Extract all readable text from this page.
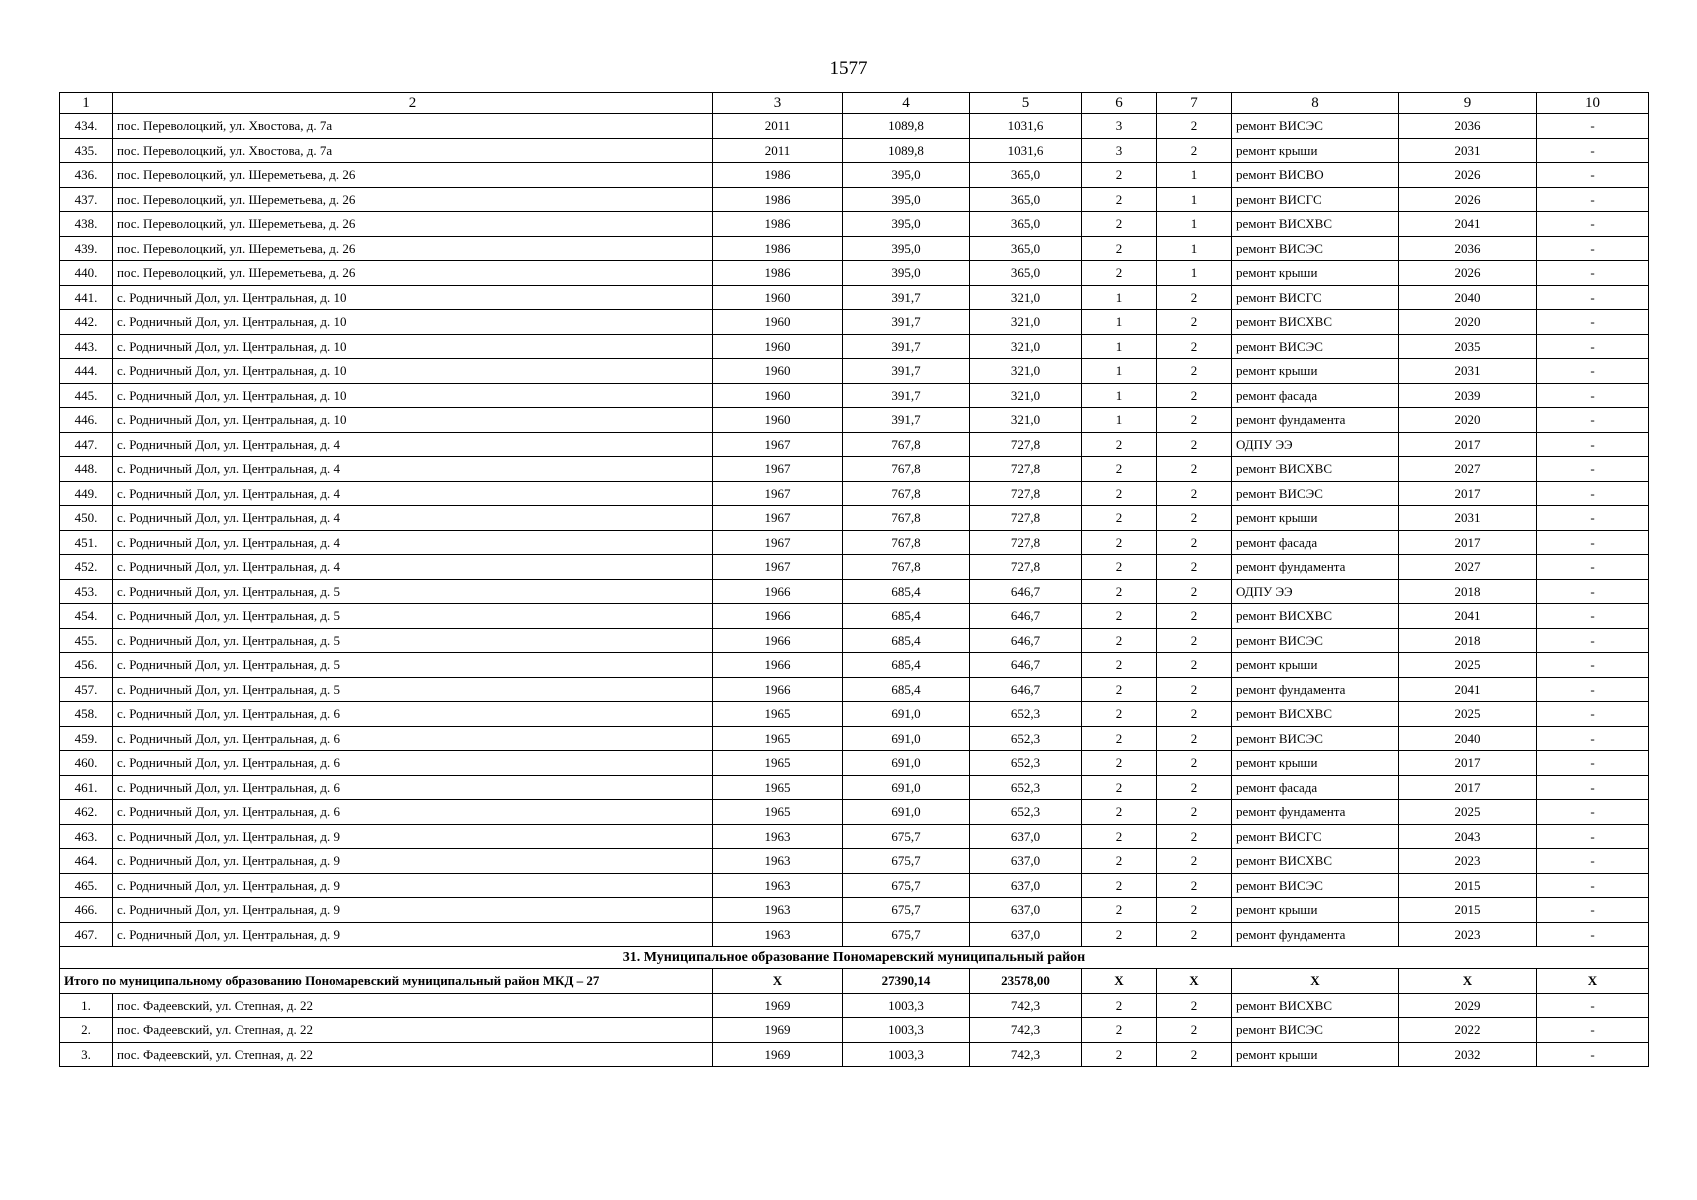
1577
1	2	3	4	5	6	7	8	9	10
434.	пос. Переволоцкий, ул. Хвостова, д. 7а	2011	1089,8	1031,6	3	2	ремонт ВИСЭС	2036	-
435.	пос. Переволоцкий, ул. Хвостова, д. 7а	2011	1089,8	1031,6	3	2	ремонт крыши	2031	-
436.	пос. Переволоцкий, ул. Шереметьева, д. 26	1986	395,0	365,0	2	1	ремонт ВИСВО	2026	-
437.	пос. Переволоцкий, ул. Шереметьева, д. 26	1986	395,0	365,0	2	1	ремонт ВИСГС	2026	-
438.	пос. Переволоцкий, ул. Шереметьева, д. 26	1986	395,0	365,0	2	1	ремонт ВИСХВС	2041	-
439.	пос. Переволоцкий, ул. Шереметьева, д. 26	1986	395,0	365,0	2	1	ремонт ВИСЭС	2036	-
440.	пос. Переволоцкий, ул. Шереметьева, д. 26	1986	395,0	365,0	2	1	ремонт крыши	2026	-
441.	с. Родничный Дол, ул. Центральная, д. 10	1960	391,7	321,0	1	2	ремонт ВИСГС	2040	-
442.	с. Родничный Дол, ул. Центральная, д. 10	1960	391,7	321,0	1	2	ремонт ВИСХВС	2020	-
443.	с. Родничный Дол, ул. Центральная, д. 10	1960	391,7	321,0	1	2	ремонт ВИСЭС	2035	-
444.	с. Родничный Дол, ул. Центральная, д. 10	1960	391,7	321,0	1	2	ремонт крыши	2031	-
445.	с. Родничный Дол, ул. Центральная, д. 10	1960	391,7	321,0	1	2	ремонт фасада	2039	-
446.	с. Родничный Дол, ул. Центральная, д. 10	1960	391,7	321,0	1	2	ремонт фундамента	2020	-
447.	с. Родничный Дол, ул. Центральная, д. 4	1967	767,8	727,8	2	2	ОДПУ ЭЭ	2017	-
448.	с. Родничный Дол, ул. Центральная, д. 4	1967	767,8	727,8	2	2	ремонт ВИСХВС	2027	-
449.	с. Родничный Дол, ул. Центральная, д. 4	1967	767,8	727,8	2	2	ремонт ВИСЭС	2017	-
450.	с. Родничный Дол, ул. Центральная, д. 4	1967	767,8	727,8	2	2	ремонт крыши	2031	-
451.	с. Родничный Дол, ул. Центральная, д. 4	1967	767,8	727,8	2	2	ремонт фасада	2017	-
452.	с. Родничный Дол, ул. Центральная, д. 4	1967	767,8	727,8	2	2	ремонт фундамента	2027	-
453.	с. Родничный Дол, ул. Центральная, д. 5	1966	685,4	646,7	2	2	ОДПУ ЭЭ	2018	-
454.	с. Родничный Дол, ул. Центральная, д. 5	1966	685,4	646,7	2	2	ремонт ВИСХВС	2041	-
455.	с. Родничный Дол, ул. Центральная, д. 5	1966	685,4	646,7	2	2	ремонт ВИСЭС	2018	-
456.	с. Родничный Дол, ул. Центральная, д. 5	1966	685,4	646,7	2	2	ремонт крыши	2025	-
457.	с. Родничный Дол, ул. Центральная, д. 5	1966	685,4	646,7	2	2	ремонт фундамента	2041	-
458.	с. Родничный Дол, ул. Центральная, д. 6	1965	691,0	652,3	2	2	ремонт ВИСХВС	2025	-
459.	с. Родничный Дол, ул. Центральная, д. 6	1965	691,0	652,3	2	2	ремонт ВИСЭС	2040	-
460.	с. Родничный Дол, ул. Центральная, д. 6	1965	691,0	652,3	2	2	ремонт крыши	2017	-
461.	с. Родничный Дол, ул. Центральная, д. 6	1965	691,0	652,3	2	2	ремонт фасада	2017	-
462.	с. Родничный Дол, ул. Центральная, д. 6	1965	691,0	652,3	2	2	ремонт фундамента	2025	-
463.	с. Родничный Дол, ул. Центральная, д. 9	1963	675,7	637,0	2	2	ремонт ВИСГС	2043	-
464.	с. Родничный Дол, ул. Центральная, д. 9	1963	675,7	637,0	2	2	ремонт ВИСХВС	2023	-
465.	с. Родничный Дол, ул. Центральная, д. 9	1963	675,7	637,0	2	2	ремонт ВИСЭС	2015	-
466.	с. Родничный Дол, ул. Центральная, д. 9	1963	675,7	637,0	2	2	ремонт крыши	2015	-
467.	с. Родничный Дол, ул. Центральная, д. 9	1963	675,7	637,0	2	2	ремонт фундамента	2023	-
31. Муниципальное образование Пономаревский муниципальный район									
Итого по муниципальному образованию Пономаревский муниципальный район МКД – 27		Х	27390,14	23578,00	Х	Х	Х	Х	Х
1.	пос. Фадеевский, ул. Степная, д. 22	1969	1003,3	742,3	2	2	ремонт ВИСХВС	2029	-
2.	пос. Фадеевский, ул. Степная, д. 22	1969	1003,3	742,3	2	2	ремонт ВИСЭС	2022	-
3.	пос. Фадеевский, ул. Степная, д. 22	1969	1003,3	742,3	2	2	ремонт крыши	2032	-
